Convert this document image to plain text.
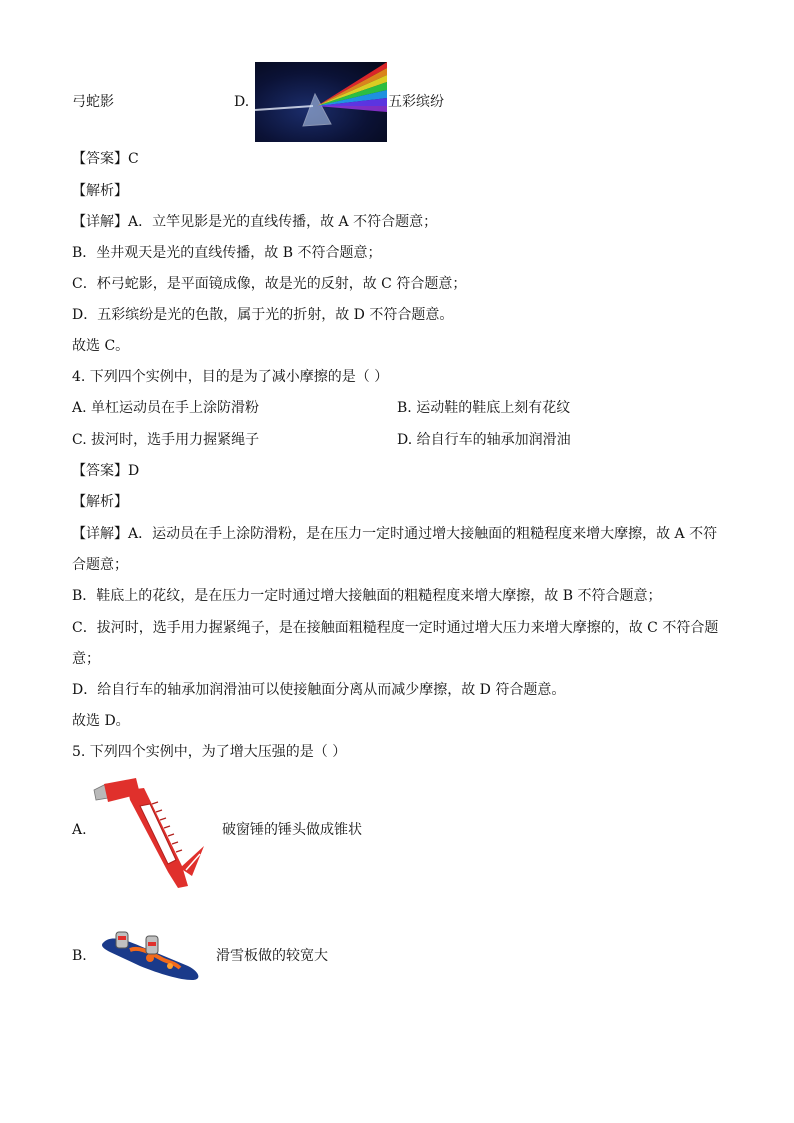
弓蛇影	D.	五彩缤纷
【答案】C
【解析】
【详解】A．立竿见影是光的直线传播，故 A 不符合题意；
B．坐井观天是光的直线传播，故 B 不符合题意；
C．杯弓蛇影，是平面镜成像，故是光的反射，故 C 符合题意；
D．五彩缤纷是光的色散，属于光的折射，故 D 不符合题意。
故选 C。
4. 下列四个实例中，目的是为了减小摩擦的是（ ）
A. 单杠运动员在手上涂防滑粉	B. 运动鞋的鞋底上刻有花纹
C. 拔河时，选手用力握紧绳子	D. 给自行车的轴承加润滑油
【答案】D
【解析】
【详解】A．运动员在手上涂防滑粉，是在压力一定时通过增大接触面的粗糙程度来增大摩擦，故 A 不符
合题意；
B．鞋底上的花纹，是在压力一定时通过增大接触面的粗糙程度来增大摩擦，故 B 不符合题意；
C．拔河时，选手用力握紧绳子，是在接触面粗糙程度一定时通过增大压力来增大摩擦的，故 C 不符合题
意；
D．给自行车的轴承加润滑油可以使接触面分离从而减少摩擦，故 D 符合题意。
故选 D。
5. 下列四个实例中，为了增大压强的是（ ）
A.	破窗锤的锤头做成锥状
B.	滑雪板做的较宽大
